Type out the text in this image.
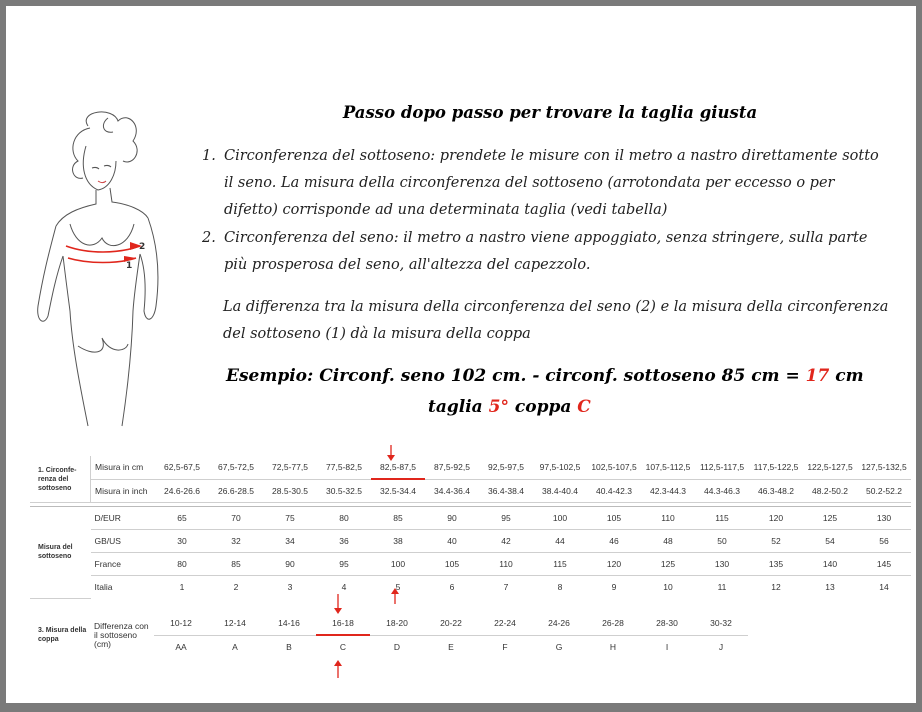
2
1
Passo dopo passo per trovare la taglia giusta
1. Circonferenza del sottoseno: prendete le misure con il metro a nastro direttamente sotto il seno. La misura della circonferenza del sottoseno (arrotondata per eccesso o per difetto) corrisponde ad una determinata taglia (vedi tabella)
2. Circonferenza del seno: il metro a nastro viene appoggiato, senza stringere, sulla parte più prosperosa del seno, all'altezza del capezzolo.
La differenza tra la misura della circonferenza del seno (2) e la misura della circonferenza del sottoseno (1) dà la misura della coppa
Esempio: Circonf. seno 102 cm. - circonf. sottoseno 85 cm = 17 cm
taglia 5° coppa C
1. Circonfe-renza del sottoseno	Misura in cm	62,5-67,5	67,5-72,5	72,5-77,5	77,5-82,5	82,5-87,5	87,5-92,5	92,5-97,5	97,5-102,5	102,5-107,5	107,5-112,5	112,5-117,5	117,5-122,5	122,5-127,5	127,5-132,5
	Misura in inch	24.6-26.6	26.6-28.5	28.5-30.5	30.5-32.5	32.5-34.4	34.4-36.4	36.4-38.4	38.4-40.4	40.4-42.3	42.3-44.3	44.3-46.3	46.3-48.2	48.2-50.2	50.2-52.2

Misura del sottoseno	D/EUR	65	70	75	80	85	90	95	100	105	110	115	120	125	130
	GB/US	30	32	34	36	38	40	42	44	46	48	50	52	54	56
	France	80	85	90	95	100	105	110	115	120	125	130	135	140	145
	Italia	1	2	3	4	5	6	7	8	9	10	11	12	13	14
3. Misura della coppa	Differenza con il sottoseno (cm)	10-12	12-14	14-16	16-18	18-20	20-22	22-24	24-26	26-28	28-30	30-32
		AA	A	B	C	D	E	F	G	H	I	J
